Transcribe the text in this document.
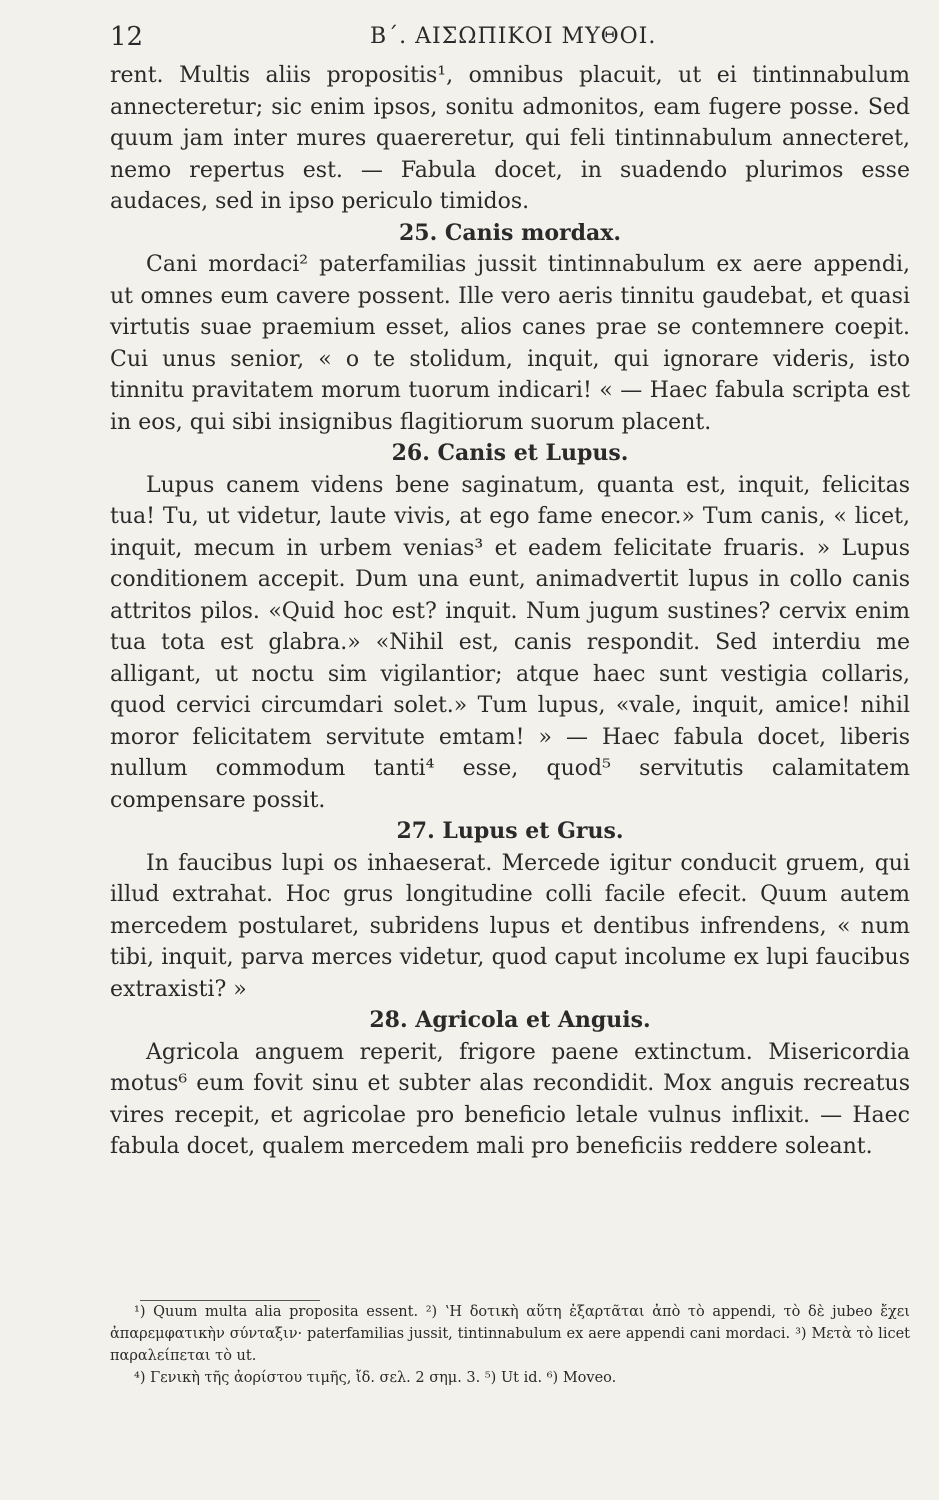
12	Β΄. ΑΙΣΩΠΙΚΟΙ ΜΥΘΟΙ.

rent. Multis aliis propositis¹, omnibus placuit, ut ei tintinnabulum annecteretur; sic enim ipsos, sonitu admonitos, eam fugere posse. Sed quum jam inter mures quaereretur, qui feli tintinnabulum annecteret, nemo repertus est. — Fabula docet, in suadendo plurimos esse audaces, sed in ipso periculo timidos.

25. Canis mordax.

Cani mordaci² paterfamilias jussit tintinnabulum ex aere appendi, ut omnes eum cavere possent. Ille vero aeris tinnitu gaudebat, et quasi virtutis suae praemium esset, alios canes prae se contemnere coepit. Cui unus senior, « o te stolidum, inquit, qui ignorare videris, isto tinnitu pravitatem morum tuorum indicari! « — Haec fabula scripta est in eos, qui sibi insignibus flagitiorum suorum placent.

26. Canis et Lupus.

Lupus canem videns bene saginatum, quanta est, inquit, felicitas tua! Tu, ut videtur, laute vivis, at ego fame enecor.» Tum canis, « licet, inquit, mecum in urbem venias³ et eadem felicitate fruaris. » Lupus conditionem accepit. Dum una eunt, animadvertit lupus in collo canis attritos pilos. «Quid hoc est? inquit. Num jugum sustines? cervix enim tua tota est glabra.» «Nihil est, canis respondit. Sed interdiu me alligant, ut noctu sim vigilantior; atque haec sunt vestigia collaris, quod cervici circumdari solet.» Tum lupus, «vale, inquit, amice! nihil moror felicitatem servitute emtam! » — Haec fabula docet, liberis nullum commodum tanti⁴ esse, quod⁵ servitutis calamitatem compensare possit.

27. Lupus et Grus.

In faucibus lupi os inhaeserat. Mercede igitur conducit gruem, qui illud extrahat. Hoc grus longitudine colli facile efecit. Quum autem mercedem postularet, subridens lupus et dentibus infrendens, « num tibi, inquit, parva merces videtur, quod caput incolume ex lupi faucibus extraxisti? »

28. Agricola et Anguis.

Agricola anguem reperit, frigore paene extinctum. Misericordia motus⁶ eum fovit sinu et subter alas recondidit. Mox anguis recreatus vires recepit, et agricolae pro beneficio letale vulnus inflixit. — Haec fabula docet, qualem mercedem mali pro beneficiis reddere soleant.

¹) Quum multa alia proposita essent. ²) ʽΗ δοτικὴ αὕτη ἐξαρτᾶται ἀπὸ τὸ appendi, τὸ δὲ jubeo ἔχει ἀπαρεμφατικὴν σύνταξιν· paterfamilias jussit, tintinnabulum ex aere appendi cani mordaci. ³) Μετὰ τὸ licet παραλείπεται τὸ ut.

⁴) Γενικὴ τῆς ἀορίστου τιμῆς, ἴδ. σελ. 2 σημ. 3. ⁵) Ut id. ⁶) Moveo.
